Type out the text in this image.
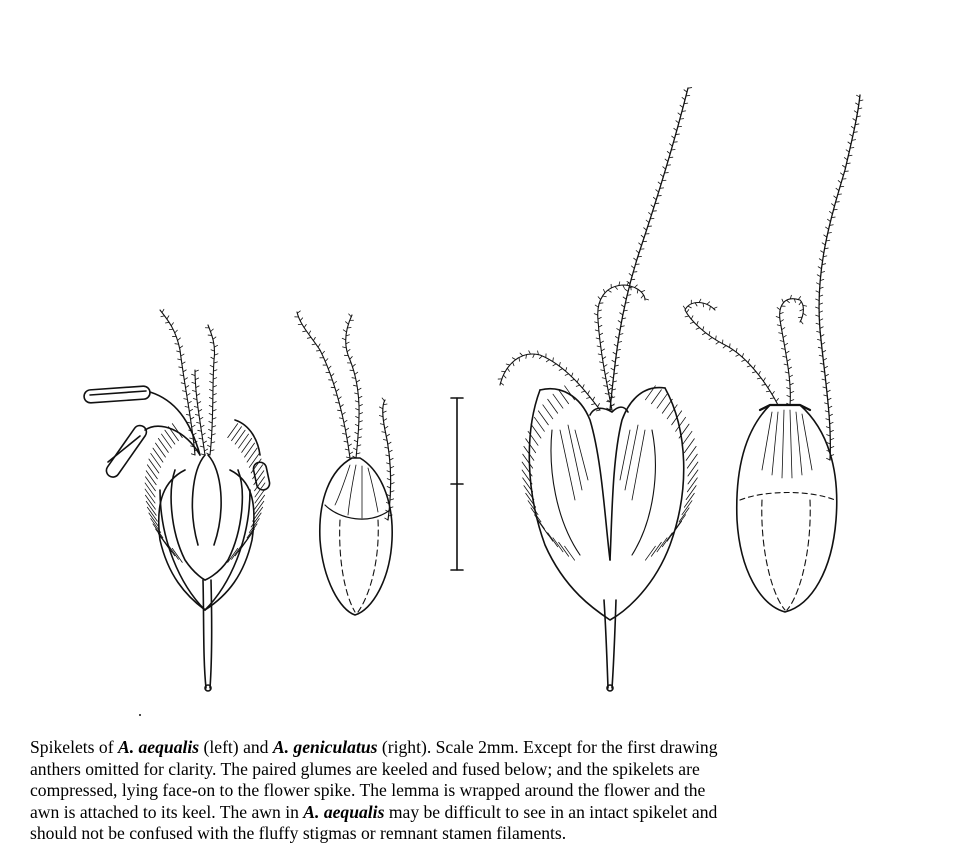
Spikelets of A. aequalis (left) and A. geniculatus (right). Scale 2mm. Except for the first drawing
anthers omitted for clarity. The paired glumes are keeled and fused below; and the spikelets are
compressed, lying face-on to the flower spike. The lemma is wrapped around the flower and the
awn is attached to its keel. The awn in A. aequalis may be difficult to see in an intact spikelet and
should not be confused with the fluffy stigmas or remnant stamen filaments.
